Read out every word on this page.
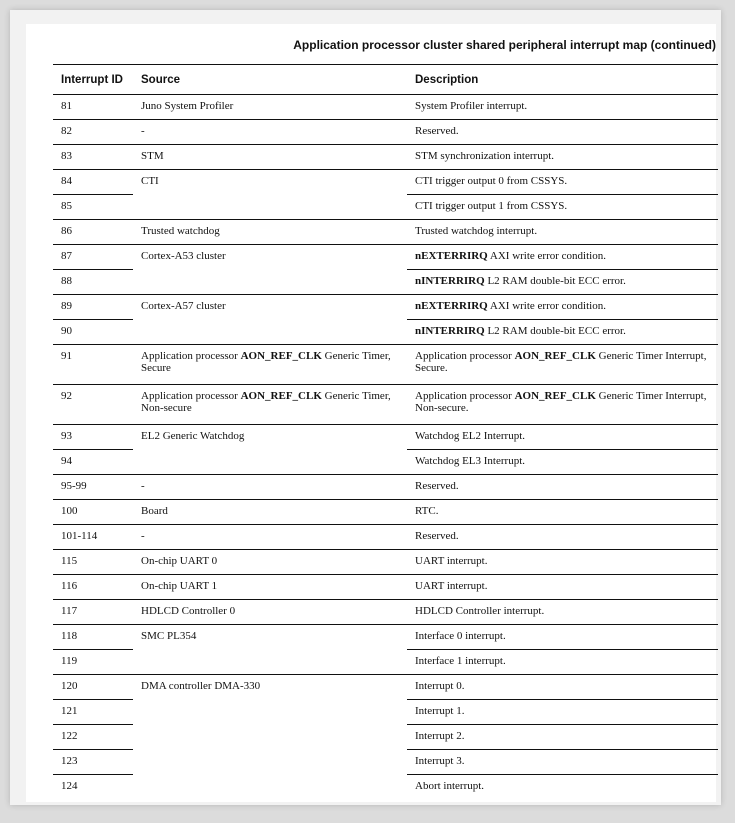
Application processor cluster shared peripheral interrupt map (continued)
Interrupt ID	Source	Description
81	Juno System Profiler	System Profiler interrupt.
82	-	Reserved.
83	STM	STM synchronization interrupt.
84	CTI	CTI trigger output 0 from CSSYS.
85		CTI trigger output 1 from CSSYS.
86	Trusted watchdog	Trusted watchdog interrupt.
87	Cortex-A53 cluster	nEXTERRIRQ AXI write error condition.
88		nINTERRIRQ L2 RAM double-bit ECC error.
89	Cortex-A57 cluster	nEXTERRIRQ AXI write error condition.
90		nINTERRIRQ L2 RAM double-bit ECC error.
91	Application processor AON_REF_CLK Generic Timer, Secure	Application processor AON_REF_CLK Generic Timer Interrupt, Secure.
92	Application processor AON_REF_CLK Generic Timer, Non-secure	Application processor AON_REF_CLK Generic Timer Interrupt, Non-secure.
93	EL2 Generic Watchdog	Watchdog EL2 Interrupt.
94		Watchdog EL3 Interrupt.
95-99	-	Reserved.
100	Board	RTC.
101-114	-	Reserved.
115	On-chip UART 0	UART interrupt.
116	On-chip UART 1	UART interrupt.
117	HDLCD Controller 0	HDLCD Controller interrupt.
118	SMC PL354	Interface 0 interrupt.
119		Interface 1 interrupt.
120	DMA controller DMA-330	Interrupt 0.
121		Interrupt 1.
122		Interrupt 2.
123		Interrupt 3.
124		Abort interrupt.
